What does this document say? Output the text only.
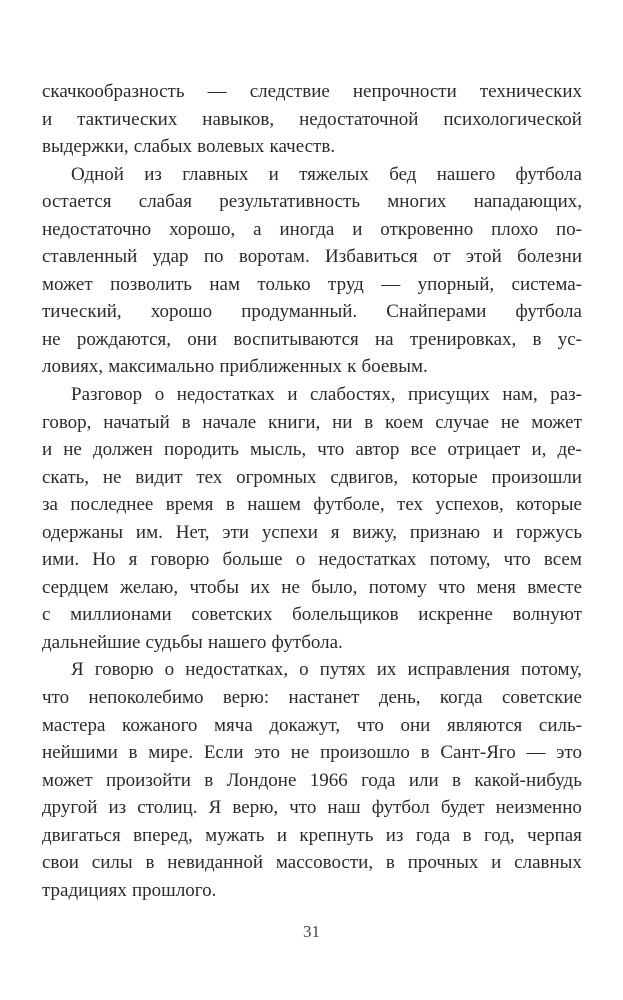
скачкообразность — следствие непрочности технических
и тактических навыков, недостаточной психологической
выдержки, слабых волевых качеств.
Одной из главных и тяжелых бед нашего футбола
остается слабая результативность многих нападающих,
недостаточно хорошо, а иногда и откровенно плохо по-
ставленный удар по воротам. Избавиться от этой болезни
может позволить нам только труд — упорный, система-
тический, хорошо продуманный. Снайперами футбола
не рождаются, они воспитываются на тренировках, в ус-
ловиях, максимально приближенных к боевым.
Разговор о недостатках и слабостях, присущих нам, раз-
говор, начатый в начале книги, ни в коем случае не может
и не должен породить мысль, что автор все отрицает и, де-
скать, не видит тех огромных сдвигов, которые произошли
за последнее время в нашем футболе, тех успехов, которые
одержаны им. Нет, эти успехи я вижу, признаю и горжусь
ими. Но я говорю больше о недостатках потому, что всем
сердцем желаю, чтобы их не было, потому что меня вместе
с миллионами советских болельщиков искренне волнуют
дальнейшие судьбы нашего футбола.
Я говорю о недостатках, о путях их исправления потому,
что непоколебимо верю: настанет день, когда советские
мастера кожаного мяча докажут, что они являются силь-
нейшими в мире. Если это не произошло в Сант-Яго — это
может произойти в Лондоне 1966 года или в какой-нибудь
другой из столиц. Я верю, что наш футбол будет неизменно
двигаться вперед, мужать и крепнуть из года в год, черпая
свои силы в невиданной массовости, в прочных и славных
традициях прошлого.
31
